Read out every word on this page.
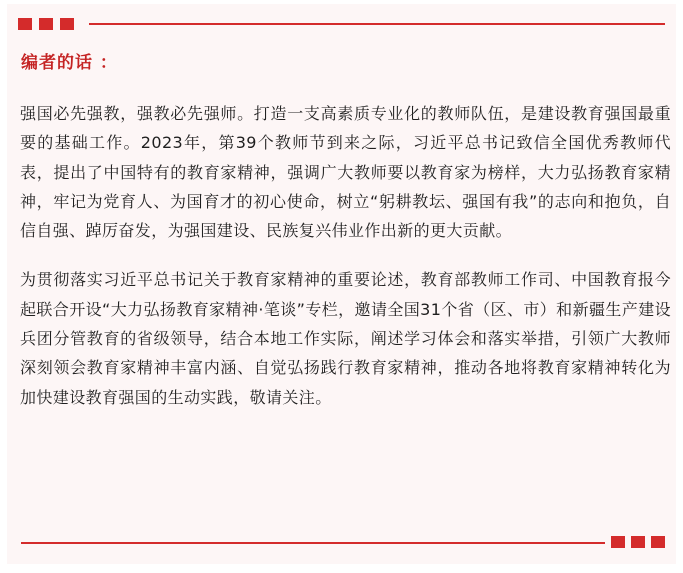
编者的话 ：

强国必先强教，强教必先强师。打造一支高素质专业化的教师队伍，是建设教育强国最重要的基础工作。2023年，第39个教师节到来之际，习近平总书记致信全国优秀教师代表，提出了中国特有的教育家精神，强调广大教师要以教育家为榜样，大力弘扬教育家精神，牢记为党育人、为国育才的初心使命，树立“躬耕教坛、强国有我”的志向和抱负，自信自强、踔厉奋发，为强国建设、民族复兴伟业作出新的更大贡献。

为贯彻落实习近平总书记关于教育家精神的重要论述，教育部教师工作司、中国教育报今起联合开设“大力弘扬教育家精神·笔谈”专栏，邀请全国31个省（区、市）和新疆生产建设兵团分管教育的省级领导，结合本地工作实际，阐述学习体会和落实举措，引领广大教师深刻领会教育家精神丰富内涵、自觉弘扬践行教育家精神，推动各地将教育家精神转化为加快建设教育强国的生动实践，敬请关注。
